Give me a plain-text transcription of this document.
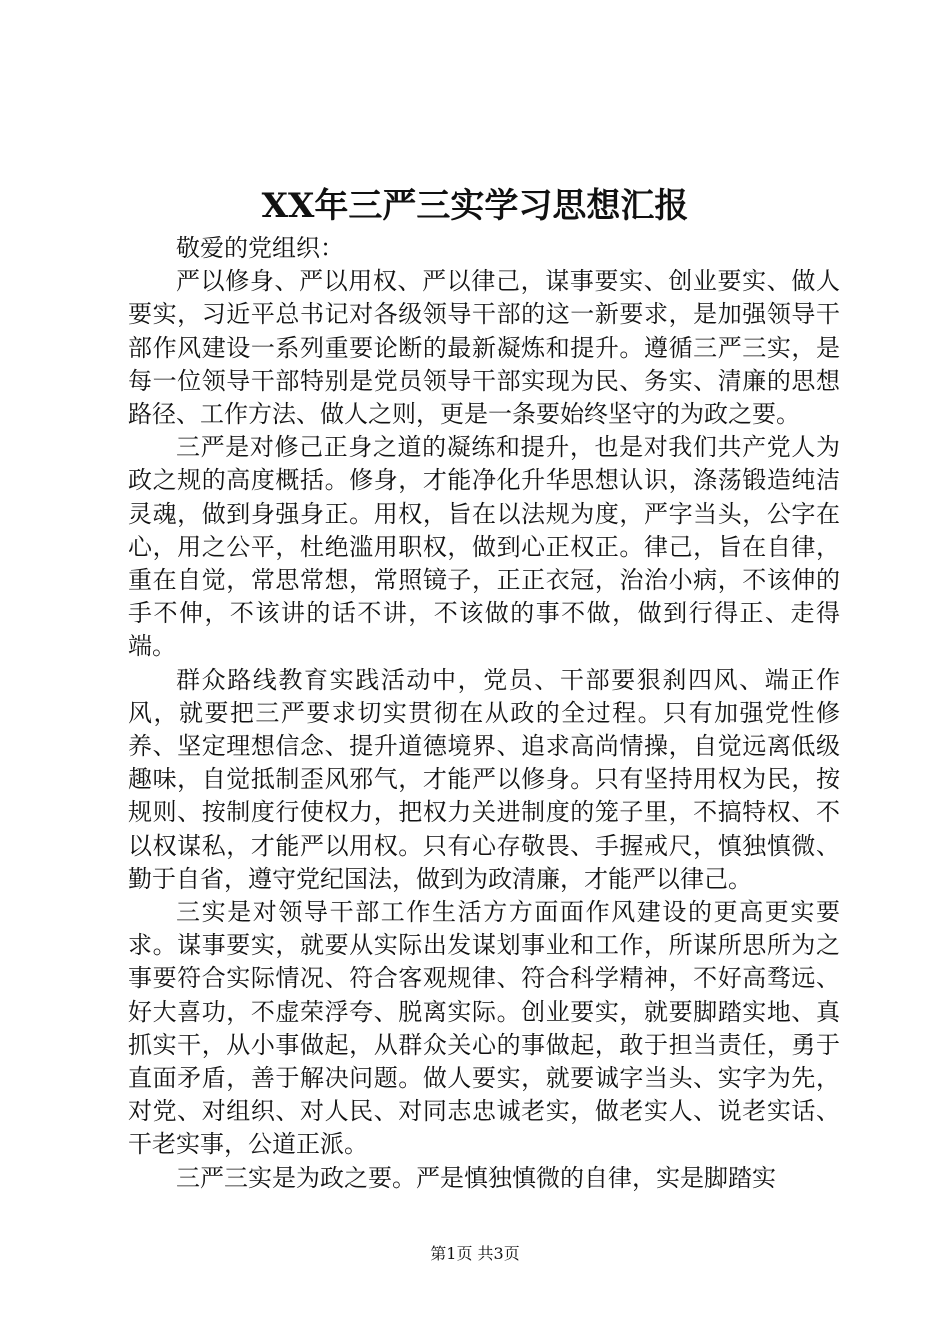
XX年三严三实学习思想汇报

敬爱的党组织：

严以修身、严以用权、严以律己，谋事要实、创业要实、做人要实，习近平总书记对各级领导干部的这一新要求，是加强领导干部作风建设一系列重要论断的最新凝炼和提升。遵循三严三实，是每一位领导干部特别是党员领导干部实现为民、务实、清廉的思想路径、工作方法、做人之则，更是一条要始终坚守的为政之要。

三严是对修己正身之道的凝练和提升，也是对我们共产党人为政之规的高度概括。修身，才能净化升华思想认识，涤荡锻造纯洁灵魂，做到身强身正。用权，旨在以法规为度，严字当头，公字在心，用之公平，杜绝滥用职权，做到心正权正。律己，旨在自律，重在自觉，常思常想，常照镜子，正正衣冠，治治小病，不该伸的手不伸，不该讲的话不讲，不该做的事不做，做到行得正、走得端。

群众路线教育实践活动中，党员、干部要狠刹四风、端正作风，就要把三严要求切实贯彻在从政的全过程。只有加强党性修养、坚定理想信念、提升道德境界、追求高尚情操，自觉远离低级趣味，自觉抵制歪风邪气，才能严以修身。只有坚持用权为民，按规则、按制度行使权力，把权力关进制度的笼子里，不搞特权、不以权谋私，才能严以用权。只有心存敬畏、手握戒尺，慎独慎微、勤于自省，遵守党纪国法，做到为政清廉，才能严以律己。

三实是对领导干部工作生活方方面面作风建设的更高更实要求。谋事要实，就要从实际出发谋划事业和工作，所谋所思所为之事要符合实际情况、符合客观规律、符合科学精神，不好高骛远、好大喜功，不虚荣浮夸、脱离实际。创业要实，就要脚踏实地、真抓实干，从小事做起，从群众关心的事做起，敢于担当责任，勇于直面矛盾，善于解决问题。做人要实，就要诚字当头、实字为先，对党、对组织、对人民、对同志忠诚老实，做老实人、说老实话、干老实事，公道正派。

三严三实是为政之要。严是慎独慎微的自律，实是脚踏实

第1页 共3页
